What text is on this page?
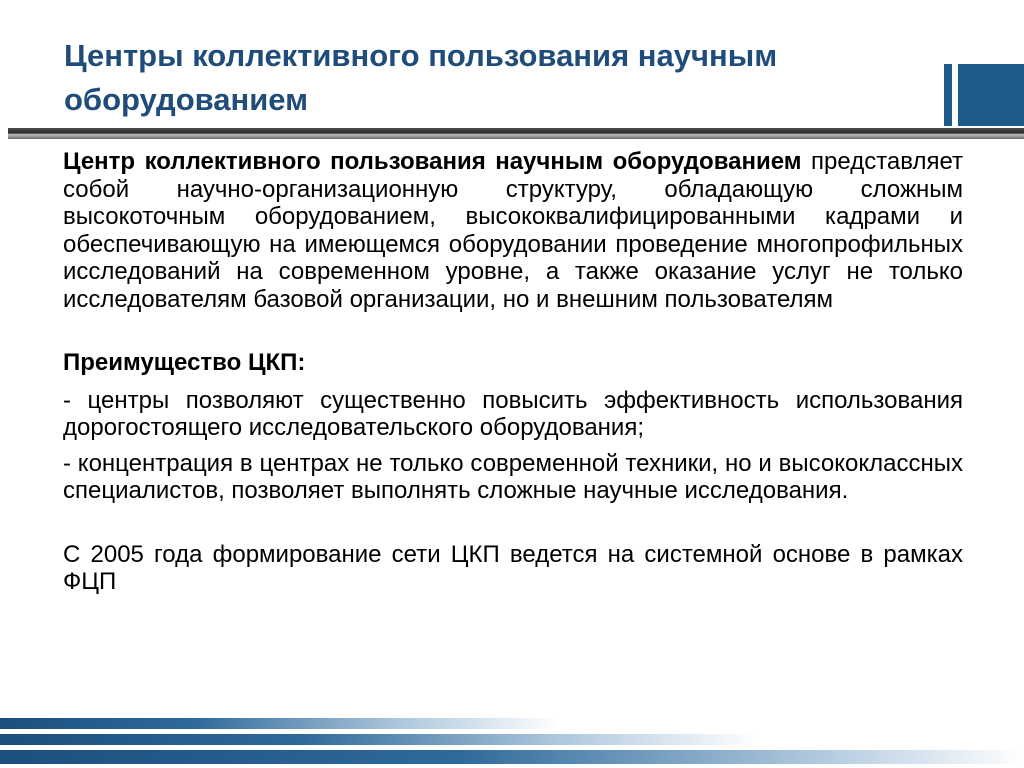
Центры коллективного пользования научным оборудованием

Центр коллективного пользования научным оборудованием представляет собой научно-организационную структуру, обладающую сложным высокоточным оборудованием, высококвалифицированными кадрами и обеспечивающую на имеющемся оборудовании проведение многопрофильных исследований на современном уровне, а также оказание услуг не только исследователям базовой организации, но и внешним пользователям

Преимущество ЦКП:

- центры позволяют существенно повысить эффективность использования дорогостоящего исследовательского оборудования;

- концентрация в центрах не только современной техники, но и высококлассных специалистов, позволяет выполнять сложные научные исследования.

С 2005 года формирование сети ЦКП ведется на системной основе в рамках ФЦП
